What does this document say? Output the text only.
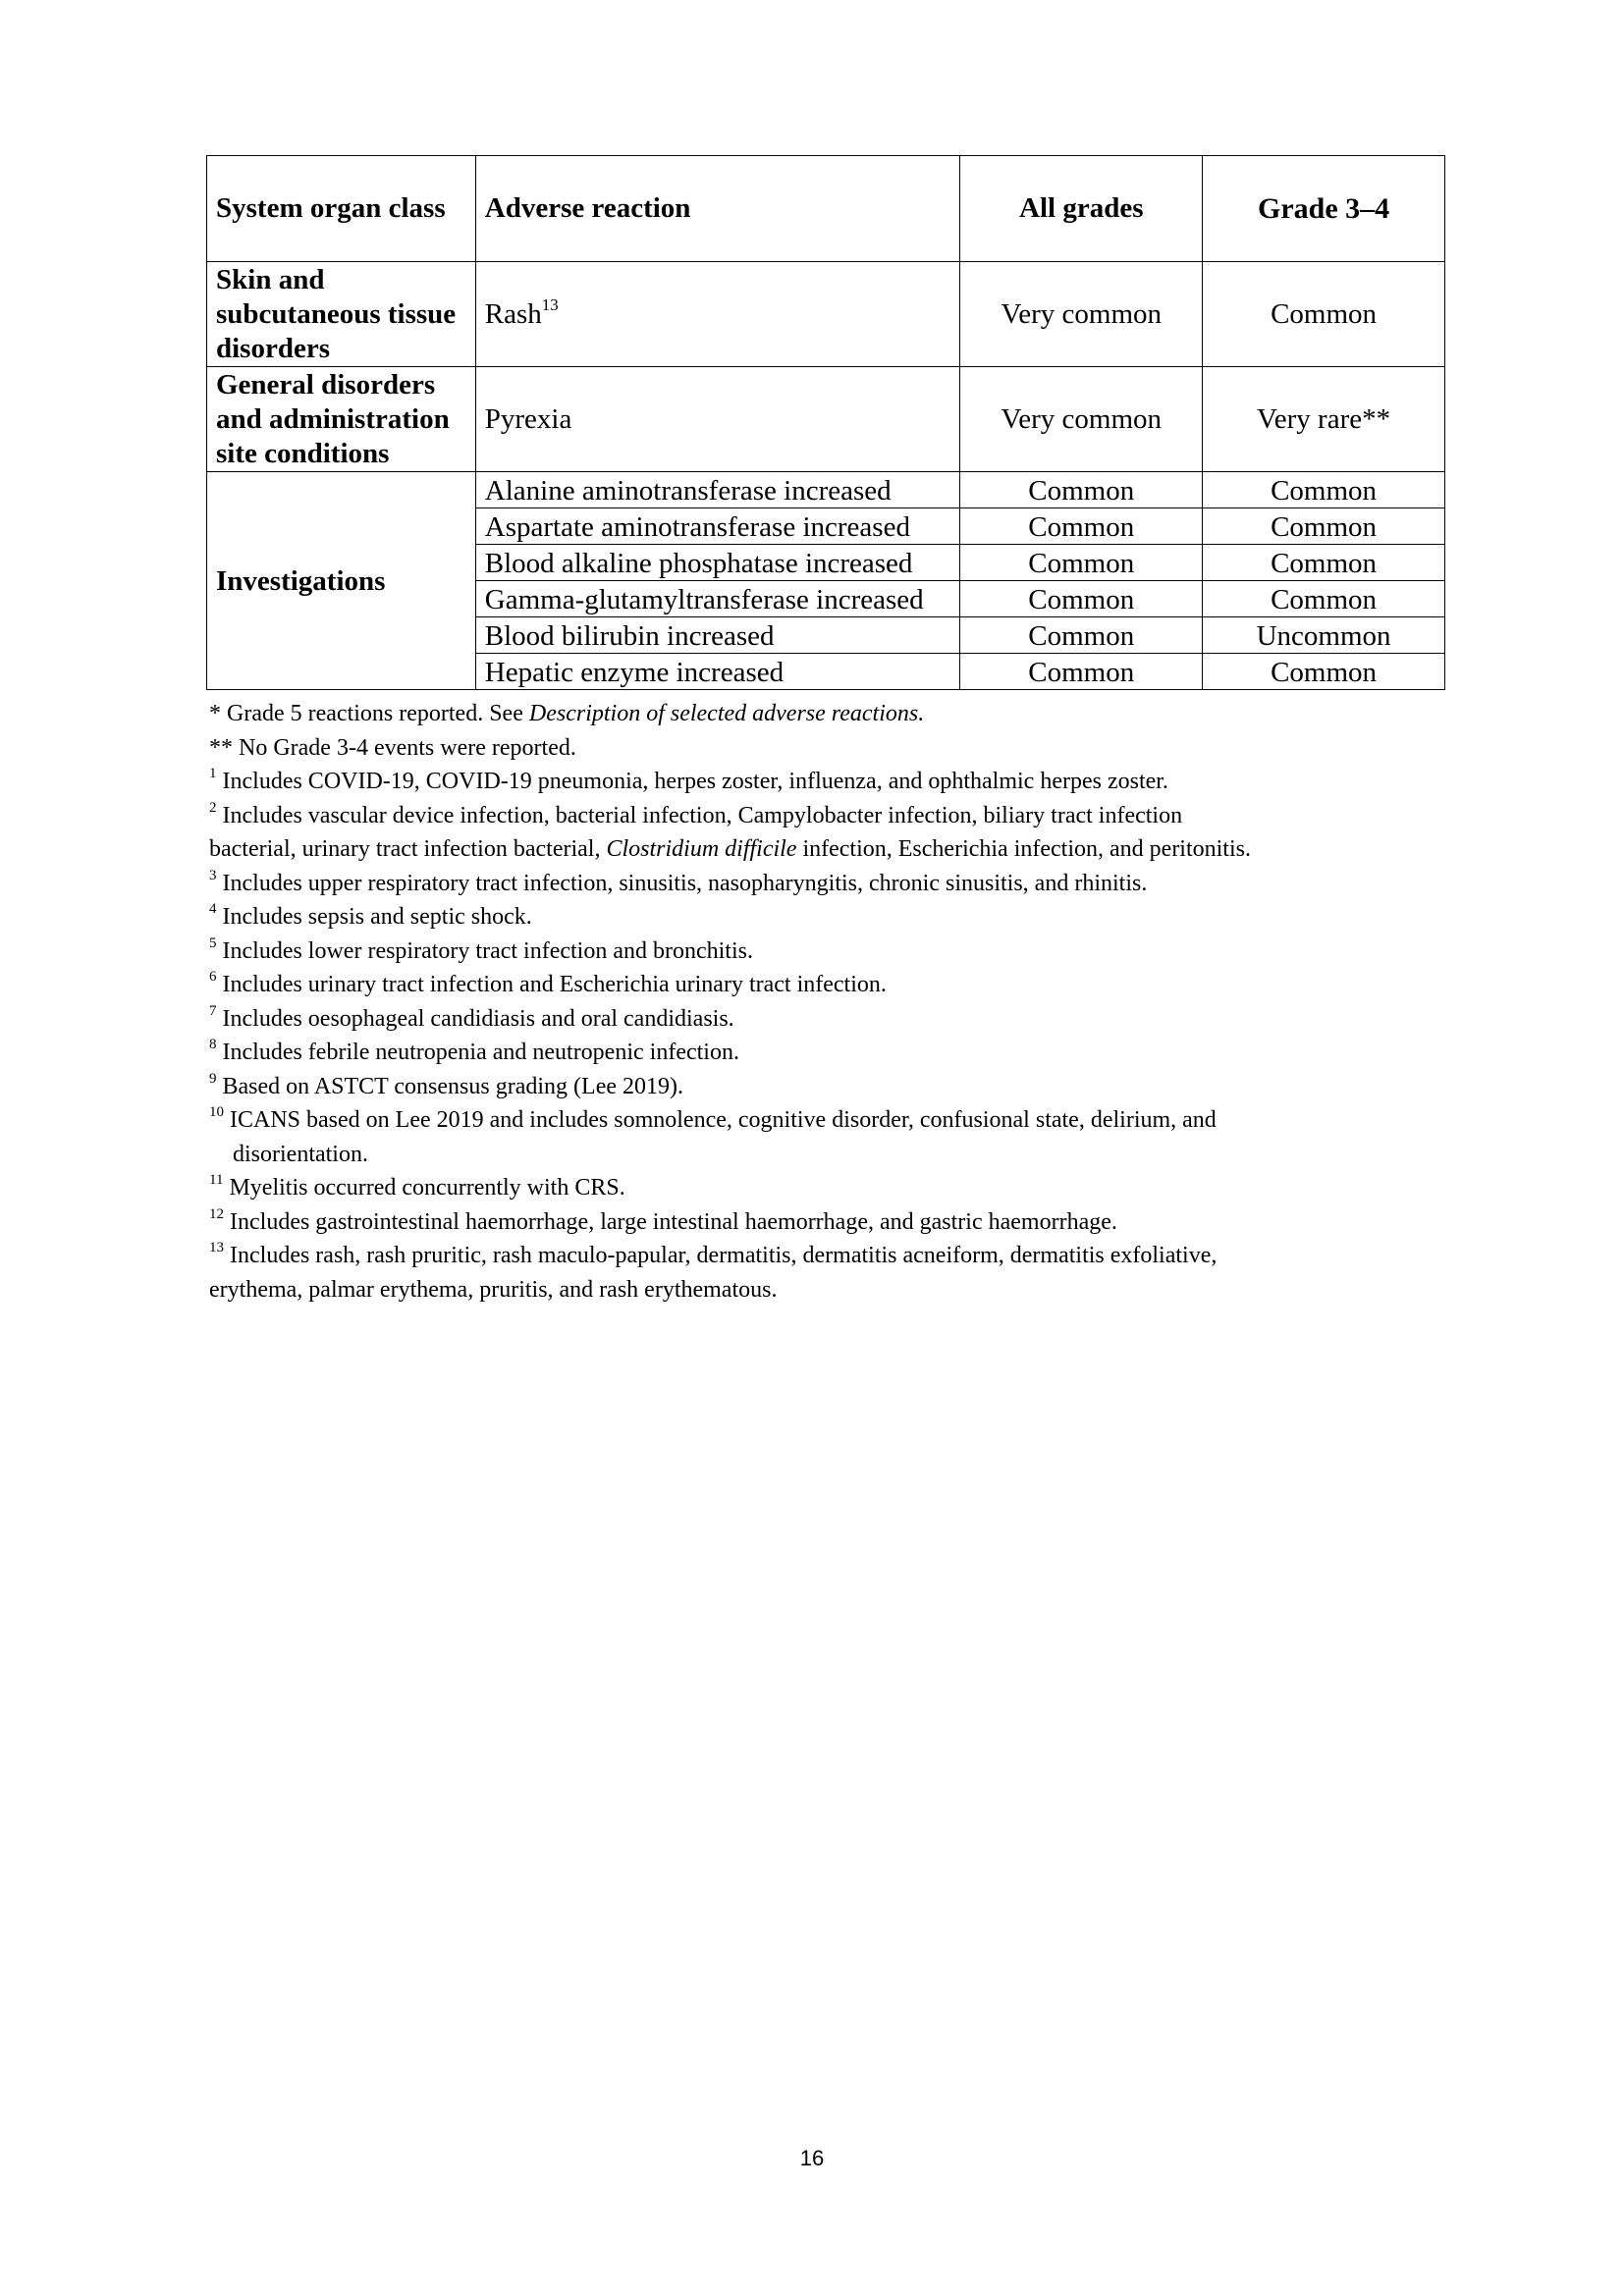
System organ class	Adverse reaction	All grades	Grade 3–4
Skin and subcutaneous tissue disorders	Rash$^{13}$	Very common	Common
General disorders and administration site conditions	Pyrexia	Very common	Very rare**
Investigations	Alanine aminotransferase increased	Common	Common
	Aspartate aminotransferase increased	Common	Common
	Blood alkaline phosphatase increased	Common	Common
	Gamma-glutamyltransferase increased	Common	Common
	Blood bilirubin increased	Common	Uncommon
	Hepatic enzyme increased	Common	Common

* Grade 5 reactions reported. See Description of selected adverse reactions.

** No Grade 3-4 events were reported.

$^1$ Includes COVID-19, COVID-19 pneumonia, herpes zoster, influenza, and ophthalmic herpes zoster.

$^2$ Includes vascular device infection, bacterial infection, Campylobacter infection, biliary tract infection
bacterial, urinary tract infection bacterial, Clostridium difficile infection, Escherichia infection, and peritonitis.

$^3$ Includes upper respiratory tract infection, sinusitis, nasopharyngitis, chronic sinusitis, and rhinitis.

$^4$ Includes sepsis and septic shock.

$^5$ Includes lower respiratory tract infection and bronchitis.

$^6$ Includes urinary tract infection and Escherichia urinary tract infection.

$^7$ Includes oesophageal candidiasis and oral candidiasis.

$^8$ Includes febrile neutropenia and neutropenic infection.

$^9$ Based on ASTCT consensus grading (Lee 2019).

$^{10}$ ICANS based on Lee 2019 and includes somnolence, cognitive disorder, confusional state, delirium, and
disorientation.

$^{11}$ Myelitis occurred concurrently with CRS.

$^{12}$ Includes gastrointestinal haemorrhage, large intestinal haemorrhage, and gastric haemorrhage.

$^{13}$ Includes rash, rash pruritic, rash maculo-papular, dermatitis, dermatitis acneiform, dermatitis exfoliative,
erythema, palmar erythema, pruritis, and rash erythematous.

16
